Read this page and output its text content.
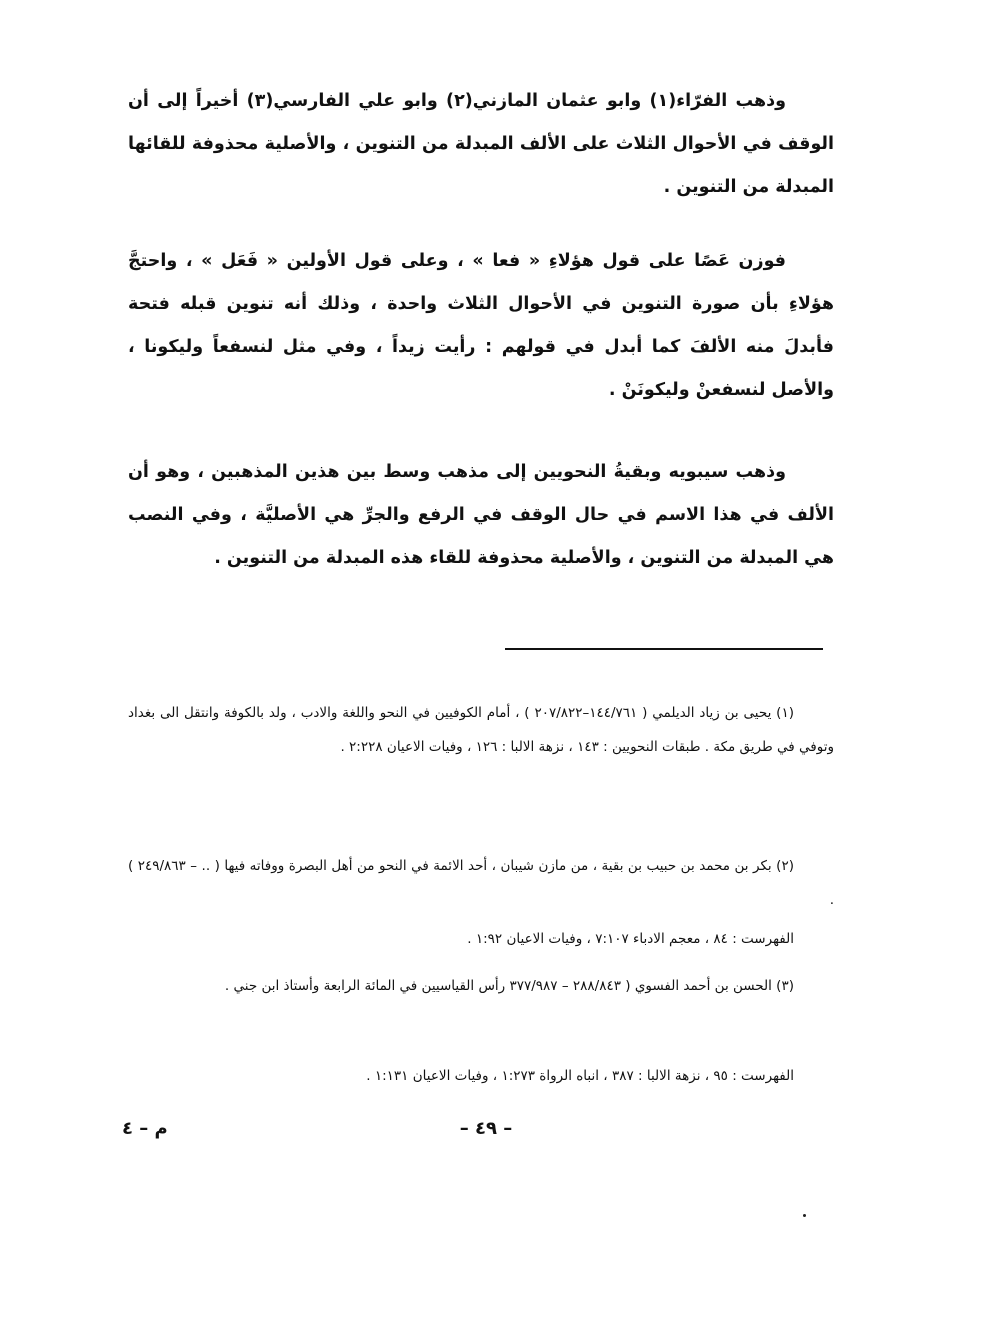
وذهب الفرّاء(١) وابو عثمان المازني(٢) وابو علي الفارسي(٣) أخيراً إلى أن الوقف في الأحوال الثلاث على الألف المبدلة من التنوين ، والأصلية محذوفة للقائها المبدلة من التنوين .

فوزن عَصًا على قول هؤلاءِ « فعا » ، وعلى قول الأولين « فَعَل » ، واحتجَّ هؤلاءِ بأن صورة التنوين في الأحوال الثلاث واحدة ، وذلك أنه تنوين قبله فتحة فأبدلَ منه الألفَ كما أبدل في قولهم : رأيت زيداً ، وفي مثل لنسفعاً وليكونا ، والأصل لنسفعنْ وليكونَنْ .

وذهب سيبويه وبقيةُ النحويين إلى مذهب وسط بين هذين المذهبين ، وهو أن الألف في هذا الاسم في حال الوقف في الرفع والجرِّ هي الأصليَّة ، وفي النصب هي المبدلة من التنوين ، والأصلية محذوفة للقاء هذه المبدلة من التنوين .

(١) يحيى بن زياد الديلمي ( ١٤٤/٧٦١–٢٠٧/٨٢٢ ) ، أمام الكوفيين في النحو واللغة والادب ، ولد بالكوفة وانتقل الى بغداد وتوفي في طريق مكة . طبقات النحويين : ١٤٣ ، نزهة الالبا : ١٢٦ ، وفيات الاعيان ٢:٢٢٨ .

(٢) بكر بن محمد بن حبيب بن بقية ، من مازن شيبان ، أحد الائمة في النحو من أهل البصرة ووفاته فيها ( .. – ٢٤٩/٨٦٣ ) .

الفهرست : ٨٤ ، معجم الادباء ٧:١٠٧ ، وفيات الاعيان ١:٩٢ .

(٣) الحسن بن أحمد الفسوي ( ٢٨٨/٨٤٣ – ٣٧٧/٩٨٧ رأس القياسيين في المائة الرابعة وأستاذ ابن جني .

الفهرست : ٩٥ ، نزهة الالبا : ٣٨٧ ، انباه الرواة ١:٢٧٣ ، وفيات الاعيان ١:١٣١ .

– ٤٩ –
م – ٤
